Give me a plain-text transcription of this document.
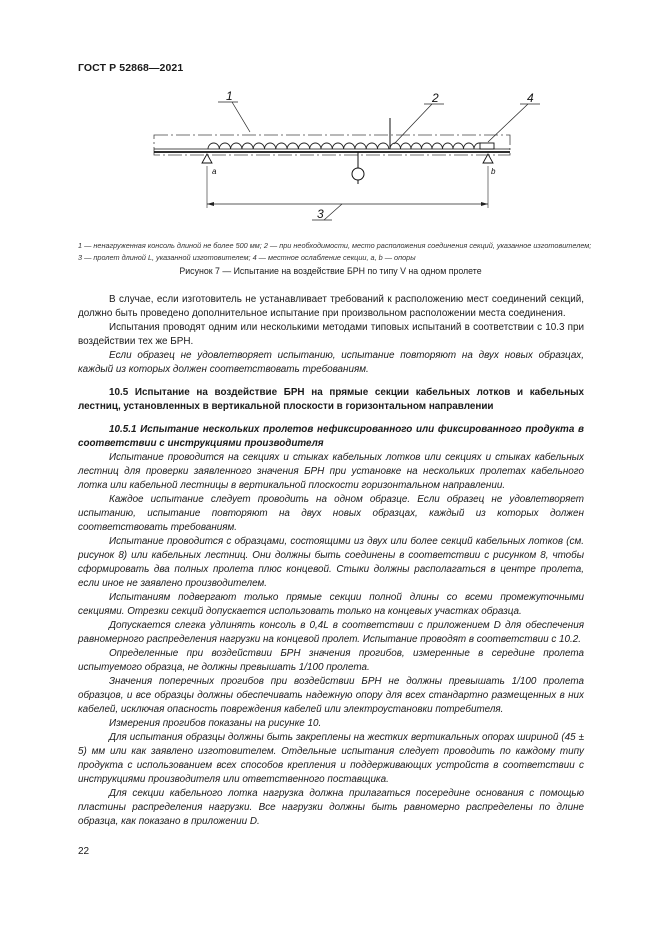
ГОСТ Р 52868—2021
1	2	4
a	b
3
1 — ненагруженная консоль длиной не более 500 мм; 2 — при необходимости, место расположения соединения секций, указанное изготовителем; 3 — пролет длиной L, указанной изготовителем; 4 — местное ослабление секции, a, b — опоры
Рисунок 7 — Испытание на воздействие БРН по типу V на одном пролете

В случае, если изготовитель не устанавливает требований к расположению мест соединений секций, должно быть проведено дополнительное испытание при произвольном расположении места соединения.

Испытания проводят одним или несколькими методами типовых испытаний в соответствии с 10.3 при воздействии тех же БРН.

Если образец не удовлетворяет испытанию, испытание повторяют на двух новых образцах, каждый из которых должен соответствовать требованиям.

10.5 Испытание на воздействие БРН на прямые секции кабельных лотков и кабельных лестниц, установленных в вертикальной плоскости в горизонтальном направлении

10.5.1 Испытание нескольких пролетов нефиксированного или фиксированного продукта в соответствии с инструкциями производителя

Испытание проводится на секциях и стыках кабельных лотков или секциях и стыках кабельных лестниц для проверки заявленного значения БРН при установке на нескольких пролетах кабельного лотка или кабельной лестницы в вертикальной плоскости горизонтальном направлении.

Каждое испытание следует проводить на одном образце. Если образец не удовлетворяет испытанию, испытание повторяют на двух новых образцах, каждый из которых должен соответствовать требованиям.

Испытание проводится с образцами, состоящими из двух или более секций кабельных лотков (см. рисунок 8) или кабельных лестниц. Они должны быть соединены в соответствии с рисунком 8, чтобы сформировать два полных пролета плюс концевой. Стыки должны располагаться в центре пролета, если иное не заявлено производителем.

Испытаниям подвергают только прямые секции полной длины со всеми промежуточными секциями. Отрезки секций допускается использовать только на концевых участках образца.

Допускается слегка удлинять консоль в 0,4L в соответствии с приложением D для обеспечения равномерного распределения нагрузки на концевой пролет. Испытание проводят в соответствии с 10.2.

Определенные при воздействии БРН значения прогибов, измеренные в середине пролета испытуемого образца, не должны превышать 1/100 пролета.

Значения поперечных прогибов при воздействии БРН не должны превышать 1/100 пролета образцов, и все образцы должны обеспечивать надежную опору для всех стандартно размещенных в них кабелей, исключая опасность повреждения кабелей или электроустановки потребителя.

Измерения прогибов показаны на рисунке 10.

Для испытания образцы должны быть закреплены на жестких вертикальных опорах шириной (45 ± 5) мм или как заявлено изготовителем. Отдельные испытания следует проводить по каждому типу продукта с использованием всех способов крепления и поддерживающих устройств в соответствии с инструкциями производителя или ответственного поставщика.

Для секции кабельного лотка нагрузка должна прилагаться посередине основания с помощью пластины распределения нагрузки. Все нагрузки должны быть равномерно распределены по длине образца, как показано в приложении D.

22
